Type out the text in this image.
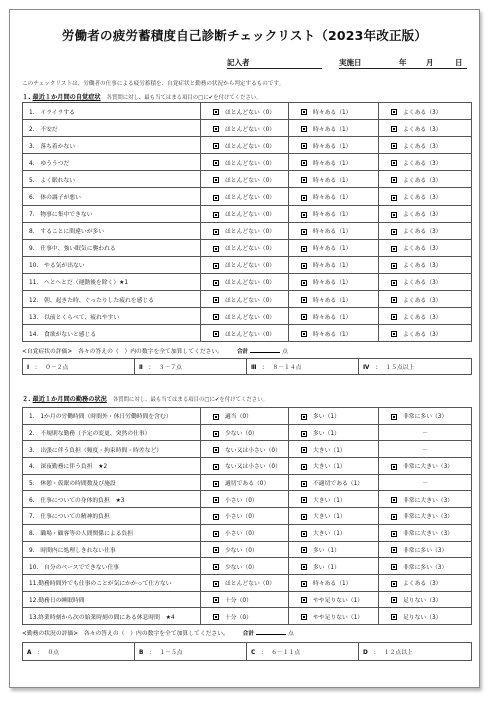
労働者の疲労蓄積度自己診断チェックリスト（2023年改正版）
記入者	実施日	年	月	日
このチェックリストは、労働者の仕事による疲労蓄積を、自覚症状と勤務の状況から判定するものです。
１. 最近１か月間の自覚症状 各質問に対し、最も当てはまる項目の□に✔を付けてください。
1.　イライラする	ほとんどない（0）	時々ある（1）	よくある（3）
2.　不安だ	ほとんどない（0）	時々ある（1）	よくある（3）
3.　落ち着かない	ほとんどない（0）	時々ある（1）	よくある（3）
4.　ゆううつだ	ほとんどない（0）	時々ある（1）	よくある（3）
5.　よく眠れない	ほとんどない（0）	時々ある（1）	よくある（3）
6.　体の調子が悪い	ほとんどない（0）	時々ある（1）	よくある（3）
7.　物事に集中できない	ほとんどない（0）	時々ある（1）	よくある（3）
8.　することに間違いが多い	ほとんどない（0）	時々ある（1）	よくある（3）
9.　仕事中、強い眠気に襲われる	ほとんどない（0）	時々ある（1）	よくある（3）
10.　やる気が出ない	ほとんどない（0）	時々ある（1）	よくある（3）
11.　へとへとだ（運動後を除く）★1	ほとんどない（0）	時々ある（1）	よくある（3）
12.　朝、起きた時、ぐったりした疲れを感じる	ほとんどない（0）	時々ある（1）	よくある（3）
13.　以前とくらべて、疲れやすい	ほとんどない（0）	時々ある（1）	よくある（3）
14.　食欲がないと感じる	ほとんどない（0）	時々ある（1）	よくある（3）
<自覚症状の評価>　各々の答えの（　）内の数字を全て加算してください。 合計	点
Ⅰ : ０－２点	Ⅱ : ３－７点	Ⅲ : ８－１４点	Ⅳ : １５点以上
２. 最近１か月間の勤務の状況 各質問に対し、最も当てはまる項目の□に✔を付けてください。
1.　1か月の労働時間（時間外・休日労働時間を含む）	適当（0）	多い（1）	非常に多い（3）
2.　不規則な勤務（予定の変更、突然の仕事）	少ない（0）	多い（1）	－
3.　出張に伴う負担（頻度・拘束時間・時差など）	ない又は小さい（0）	大きい（1）	－
4.　深夜勤務に伴う負担　★2	ない又は小さい（0）	大きい（1）	非常に大きい（3）
5.　休憩・仮眠の時間数及び施設	適切である（0）	不適切である（1）	－
6.　仕事についての身体的負担　★3	小さい（0）	大きい（1）	非常に大きい（3）
7.　仕事についての精神的負担	小さい（0）	大きい（1）	非常に大きい（3）
8.　職場・顧客等の人間関係による負担	小さい（0）	大きい（1）	非常に大きい（3）
9.　時間内に処理しきれない仕事	少ない（0）	多い（1）	非常に多い（3）
10.　自分のペースでできない仕事	少ない（0）	多い（1）	非常に多い（3）
11.勤務時間外でも仕事のことが気にかかって仕方ない	ほとんどない（0）	時々ある（1）	よくある（3）
12.勤務日の睡眠時間	十分（0）	やや足りない（1）	足りない（3）
13.終業時刻から次の始業時刻の間にある休息時間　★4	十分（0）	やや足りない（1）	足りない（3）
<勤務の状況の評価>　各々の答えの（　）内の数字を全て加算してください。 合計	点
A : ０点	B : １－５点	C : ６－１１点	D : １２点以上
